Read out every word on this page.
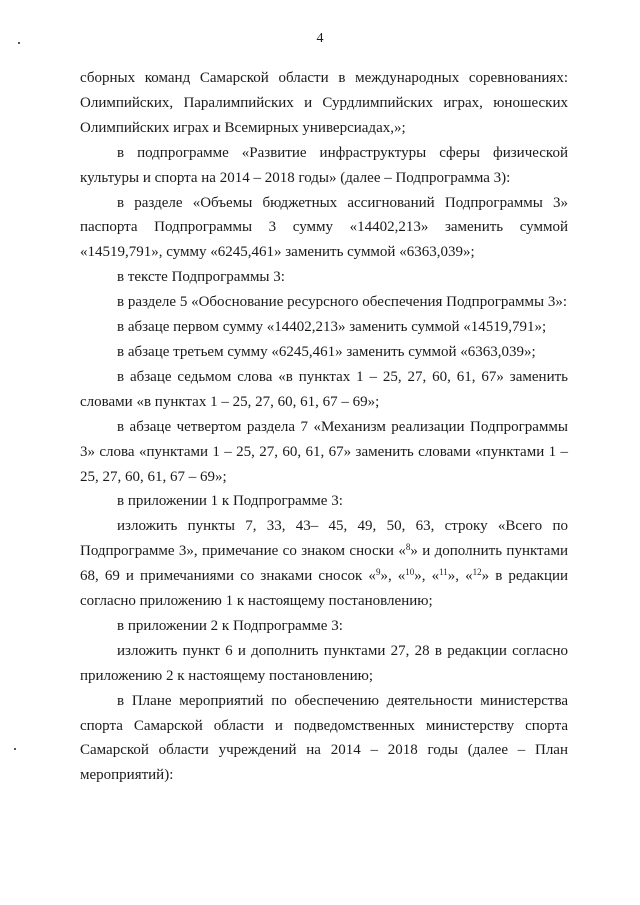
4

сборных команд Самарской области в международных соревнованиях: Олимпийских, Паралимпийских и Сурдлимпийских играх, юношеских Олимпийских играх и Всемирных универсиадах,»;

в подпрограмме «Развитие инфраструктуры сферы физической культуры и спорта на 2014 – 2018 годы» (далее – Подпрограмма 3):

в разделе «Объемы бюджетных ассигнований Подпрограммы 3» паспорта Подпрограммы 3 сумму «14402,213» заменить суммой «14519,791», сумму «6245,461» заменить суммой «6363,039»;

в тексте Подпрограммы 3:

в разделе 5 «Обоснование ресурсного обеспечения Подпрограммы 3»:

в абзаце первом сумму «14402,213» заменить суммой «14519,791»;

в абзаце третьем сумму «6245,461» заменить суммой «6363,039»;

в абзаце седьмом слова «в пунктах 1 – 25, 27, 60, 61, 67» заменить словами «в пунктах 1 – 25, 27, 60, 61, 67 – 69»;

в абзаце четвертом раздела 7 «Механизм реализации Подпрограммы 3» слова «пунктами 1 – 25, 27, 60, 61, 67» заменить словами «пунктами 1 – 25, 27, 60, 61, 67 – 69»;

в приложении 1 к Подпрограмме 3:

изложить пункты 7, 33, 43– 45, 49, 50, 63, строку «Всего по Подпрограмме 3», примечание со знаком сноски «$^8$» и дополнить пунктами 68, 69 и примечаниями со знаками сносок «$^9$», «$^{10}$», «$^{11}$», «$^{12}$» в редакции согласно приложению 1 к настоящему постановлению;

в приложении 2 к Подпрограмме 3:

изложить пункт 6 и дополнить пунктами 27, 28 в редакции согласно приложению 2 к настоящему постановлению;

в Плане мероприятий по обеспечению деятельности министерства спорта Самарской области и подведомственных министерству спорта Самарской области учреждений на 2014 – 2018 годы (далее – План мероприятий):
